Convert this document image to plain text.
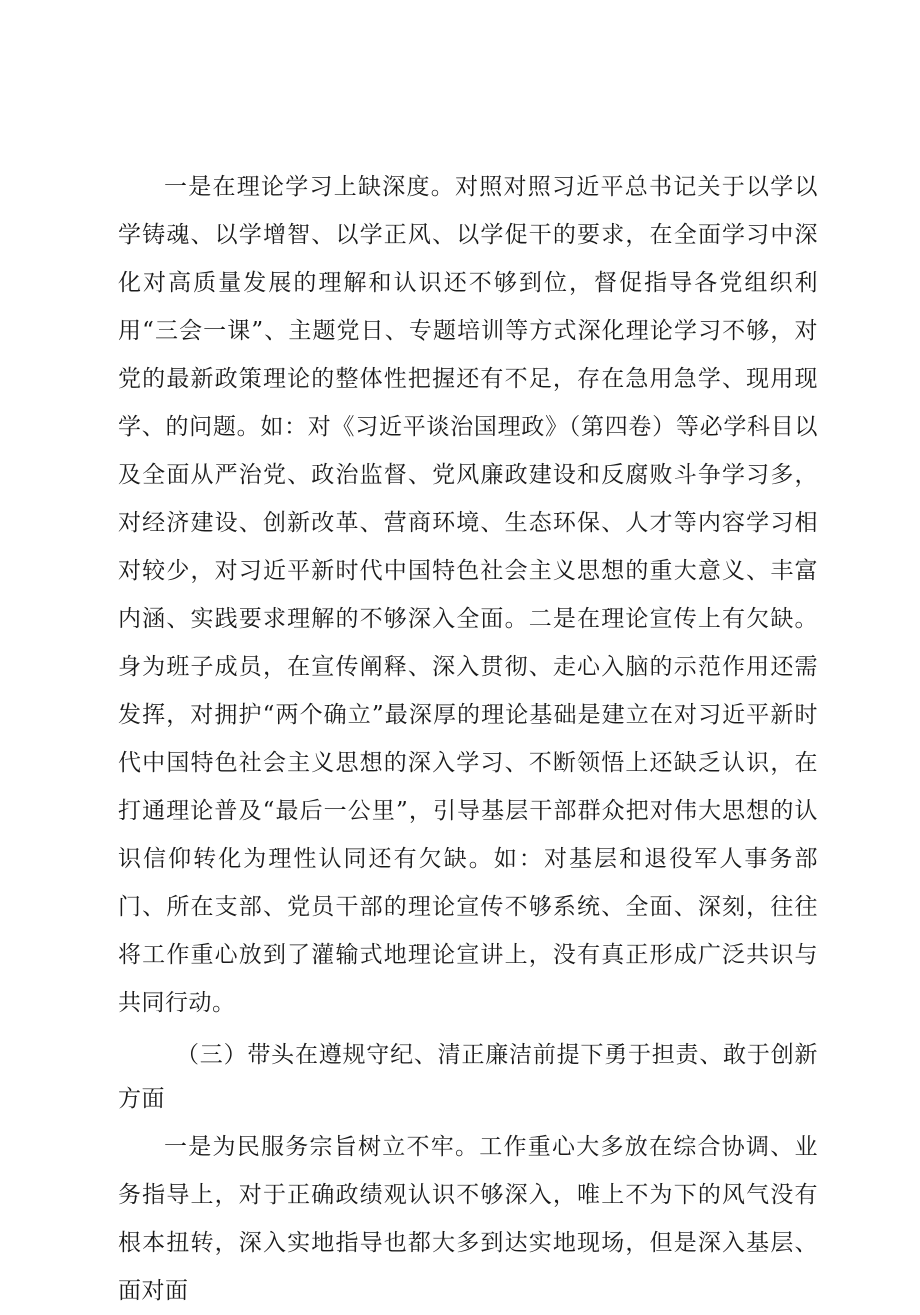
一是在理论学习上缺深度。对照对照习近平总书记关于以学以学铸魂、以学增智、以学正风、以学促干的要求，在全面学习中深化对高质量发展的理解和认识还不够到位，督促指导各党组织利用“三会一课”、主题党日、专题培训等方式深化理论学习不够，对党的最新政策理论的整体性把握还有不足，存在急用急学、现用现学、的问题。如：对《习近平谈治国理政》（第四卷）等必学科目以及全面从严治党、政治监督、党风廉政建设和反腐败斗争学习多，对经济建设、创新改革、营商环境、生态环保、人才等内容学习相对较少，对习近平新时代中国特色社会主义思想的重大意义、丰富内涵、实践要求理解的不够深入全面。二是在理论宣传上有欠缺。身为班子成员，在宣传阐释、深入贯彻、走心入脑的示范作用还需发挥，对拥护“两个确立”最深厚的理论基础是建立在对习近平新时代中国特色社会主义思想的深入学习、不断领悟上还缺乏认识，在打通理论普及“最后一公里”，引导基层干部群众把对伟大思想的认识信仰转化为理性认同还有欠缺。如：对基层和退役军人事务部门、所在支部、党员干部的理论宣传不够系统、全面、深刻，往往将工作重心放到了灌输式地理论宣讲上，没有真正形成广泛共识与共同行动。

（三）带头在遵规守纪、清正廉洁前提下勇于担责、敢于创新方面

一是为民服务宗旨树立不牢。工作重心大多放在综合协调、业务指导上，对于正确政绩观认识不够深入，唯上不为下的风气没有根本扭转，深入实地指导也都大多到达实地现场，但是深入基层、面对面
